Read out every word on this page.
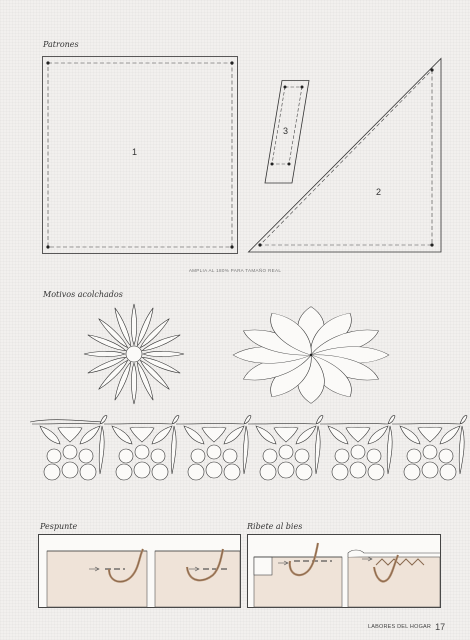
Patrones
1
3
2
AMPLIA AL 180% PARA TAMAÑO REAL
Motivos acolchados
Pespunte	Ribete al bies
LABORES DEL HOGAR 17
